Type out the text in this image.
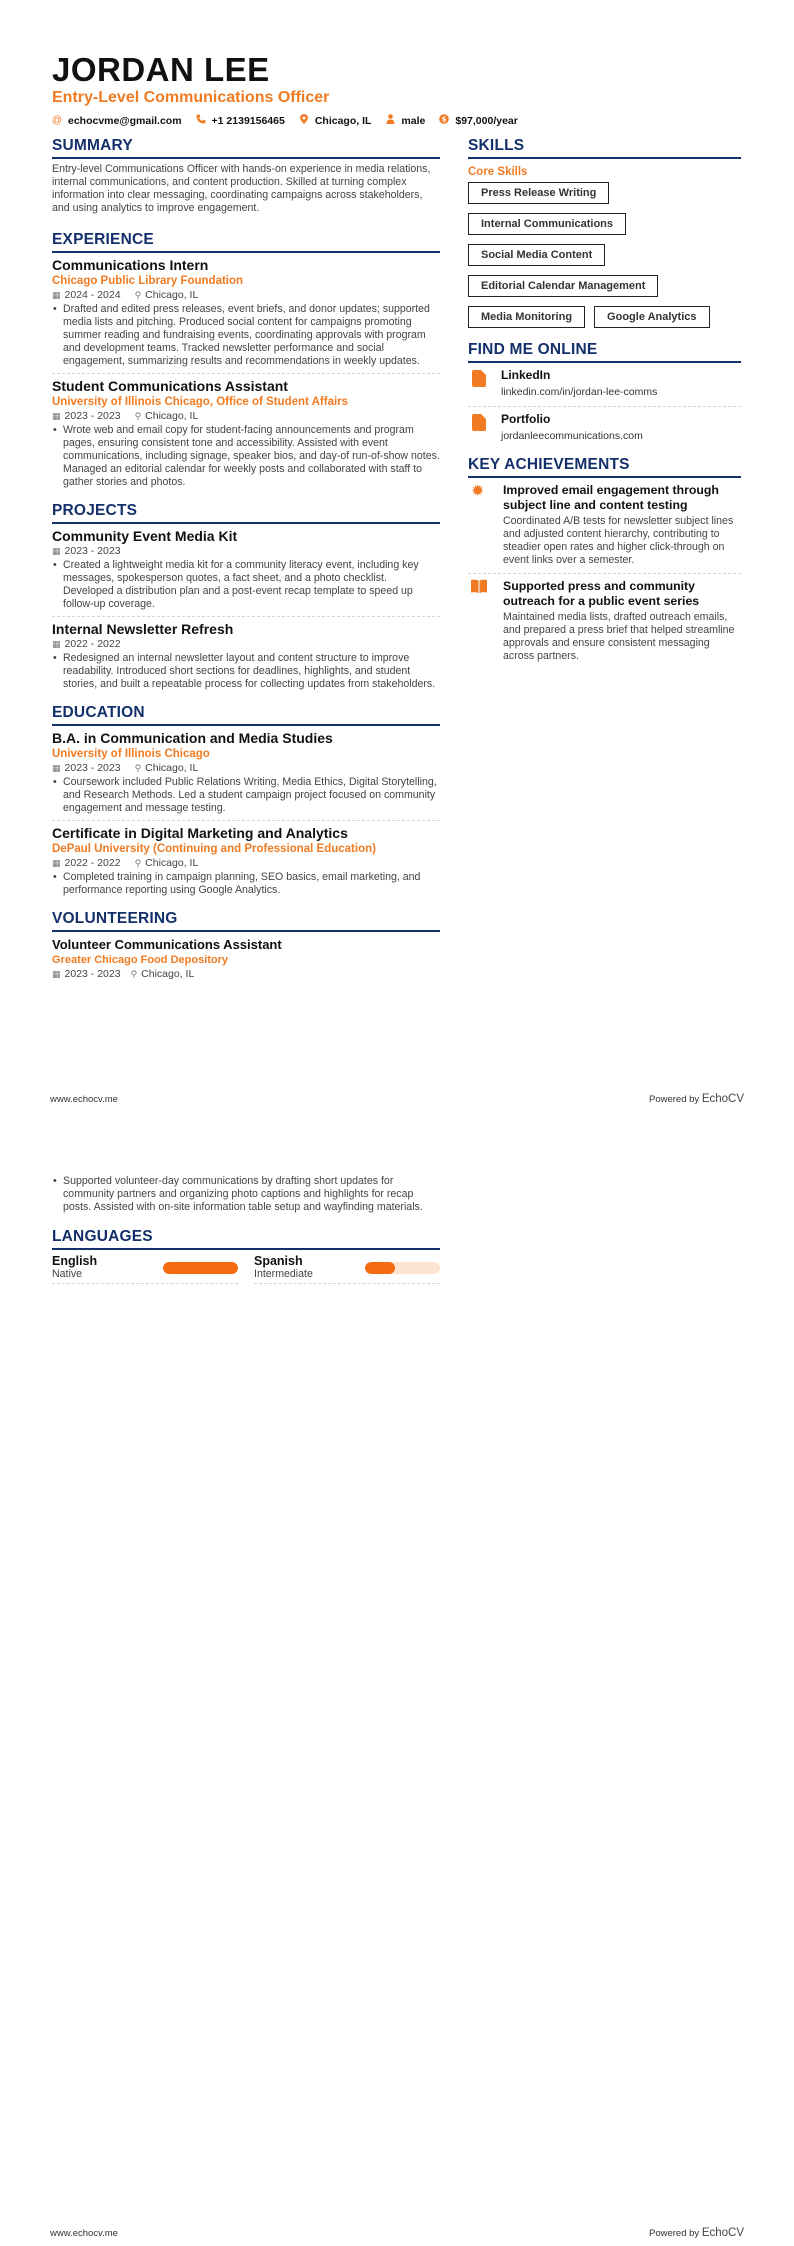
JORDAN LEE
Entry-Level Communications Officer
@ echocvme@gmail.com	+1 2139156465	Chicago, IL	male $ $97,000/year
SUMMARY

Entry-level Communications Officer with hands-on experience in media relations, internal communications, and content production. Skilled at turning complex information into clear messaging, coordinating campaigns across stakeholders, and using analytics to improve engagement.

EXPERIENCE
Communications Intern
Chicago Public Library Foundation
▦ 2024 - 2024 ⚲ Chicago, IL
• Drafted and edited press releases, event briefs, and donor updates; supported media lists and pitching. Produced social content for campaigns promoting summer reading and fundraising events, coordinating approvals with program and development teams. Tracked newsletter performance and social engagement, summarizing results and recommendations in weekly updates.
Student Communications Assistant
University of Illinois Chicago, Office of Student Affairs
▦ 2023 - 2023 ⚲ Chicago, IL
• Wrote web and email copy for student-facing announcements and program pages, ensuring consistent tone and accessibility. Assisted with event communications, including signage, speaker bios, and day-of run-of-show notes. Managed an editorial calendar for weekly posts and collaborated with staff to gather stories and photos.
PROJECTS
Community Event Media Kit
▦ 2023 - 2023
• Created a lightweight media kit for a community literacy event, including key messages, spokesperson quotes, a fact sheet, and a photo checklist. Developed a distribution plan and a post-event recap template to speed up follow-up coverage.
Internal Newsletter Refresh
▦ 2022 - 2022
• Redesigned an internal newsletter layout and content structure to improve readability. Introduced short sections for deadlines, highlights, and student stories, and built a repeatable process for collecting updates from stakeholders.
EDUCATION
B.A. in Communication and Media Studies
University of Illinois Chicago
▦ 2023 - 2023 ⚲ Chicago, IL
• Coursework included Public Relations Writing, Media Ethics, Digital Storytelling, and Research Methods. Led a student campaign project focused on community engagement and message testing.
Certificate in Digital Marketing and Analytics
DePaul University (Continuing and Professional Education)
▦ 2022 - 2022 ⚲ Chicago, IL
• Completed training in campaign planning, SEO basics, email marketing, and performance reporting using Google Analytics.
VOLUNTEERING
Volunteer Communications Assistant
Greater Chicago Food Depository
▦ 2023 - 2023 ⚲ Chicago, IL
SKILLS
Core Skills
Press Release Writing
Internal Communications
Social Media Content
Editorial Calendar Management
Media Monitoring	Google Analytics
FIND ME ONLINE
LinkedIn
linkedin.com/in/jordan-lee-comms
Portfolio
jordanleecommunications.com
KEY ACHIEVEMENTS
✹	Improved email engagement through subject line and content testing
Coordinated A/B tests for newsletter subject lines and adjusted content hierarchy, contributing to steadier open rates and higher click-through on event links over a semester.
Supported press and community outreach for a public event series
Maintained media lists, drafted outreach emails, and prepared a press brief that helped streamline approvals and ensure consistent messaging across partners.
www.echocv.me	Powered by EchoCV
• Supported volunteer-day communications by drafting short updates for community partners and organizing photo captions and highlights for recap posts. Assisted with on-site information table setup and wayfinding materials.
LANGUAGES
English
Native
Spanish
Intermediate
www.echocv.me	Powered by EchoCV
